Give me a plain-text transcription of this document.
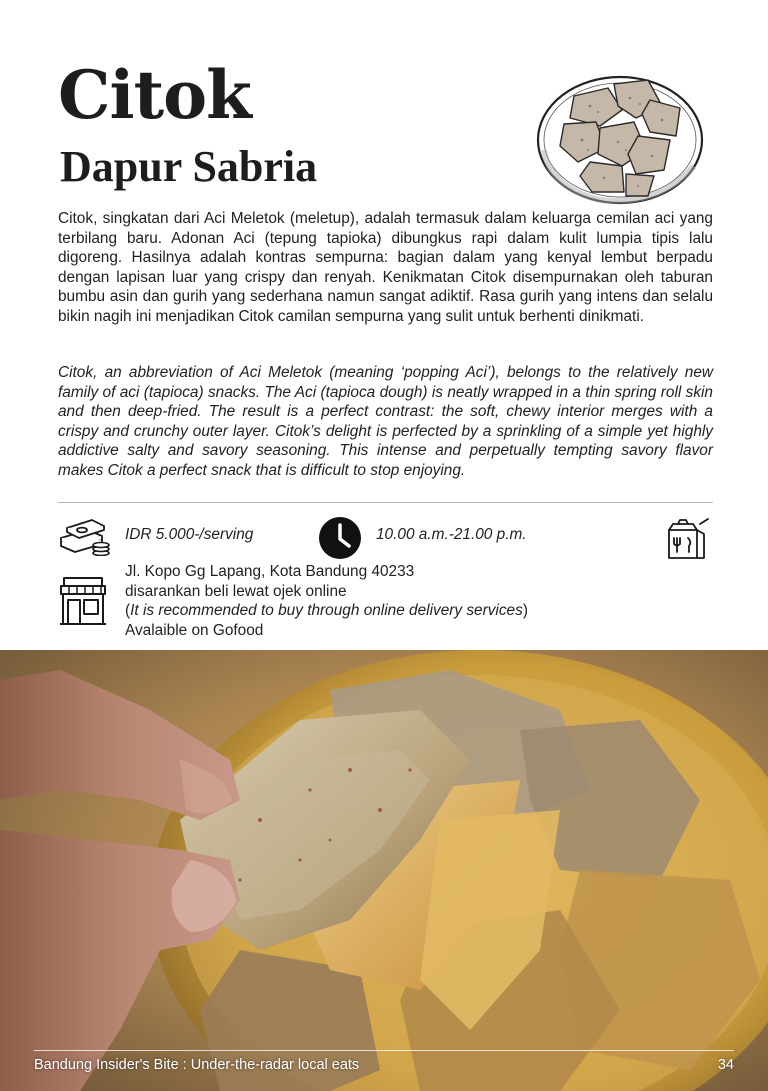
Citok
Dapur Sabria

Citok, singkatan dari Aci Meletok (meletup), adalah termasuk dalam keluarga cemilan aci yang terbilang baru. Adonan Aci (tepung tapioka) dibungkus rapi dalam kulit lumpia tipis lalu digoreng. Hasilnya adalah kontras sempurna: bagian dalam yang kenyal lembut berpadu dengan lapisan luar yang crispy dan renyah. Kenikmatan Citok disempurnakan oleh taburan bumbu asin dan gurih yang sederhana namun sangat adiktif. Rasa gurih yang intens dan selalu bikin nagih ini menjadikan Citok camilan sempurna yang sulit untuk berhenti dinikmati.

Citok, an abbreviation of Aci Meletok (meaning ‘popping Aci’), belongs to the relatively new family of aci (tapioca) snacks. The Aci (tapioca dough) is neatly wrapped in a thin spring roll skin and then deep-fried. The result is a perfect contrast: the soft, chewy interior merges with a crispy and crunchy outer layer. Citok’s delight is perfected by a sprinkling of a simple yet highly addictive salty and savory seasoning. This intense and perpetually tempting savory flavor makes Citok a perfect snack that is difficult to stop enjoying.

IDR 5.000-/serving	10.00 a.m.-21.00 p.m.
Jl. Kopo Gg Lapang, Kota Bandung 40233
disarankan beli lewat ojek online
(It is recommended to buy through online delivery services)
Avalaible on Gofood
Bandung Insider's Bite : Under-the-radar local eats	34
